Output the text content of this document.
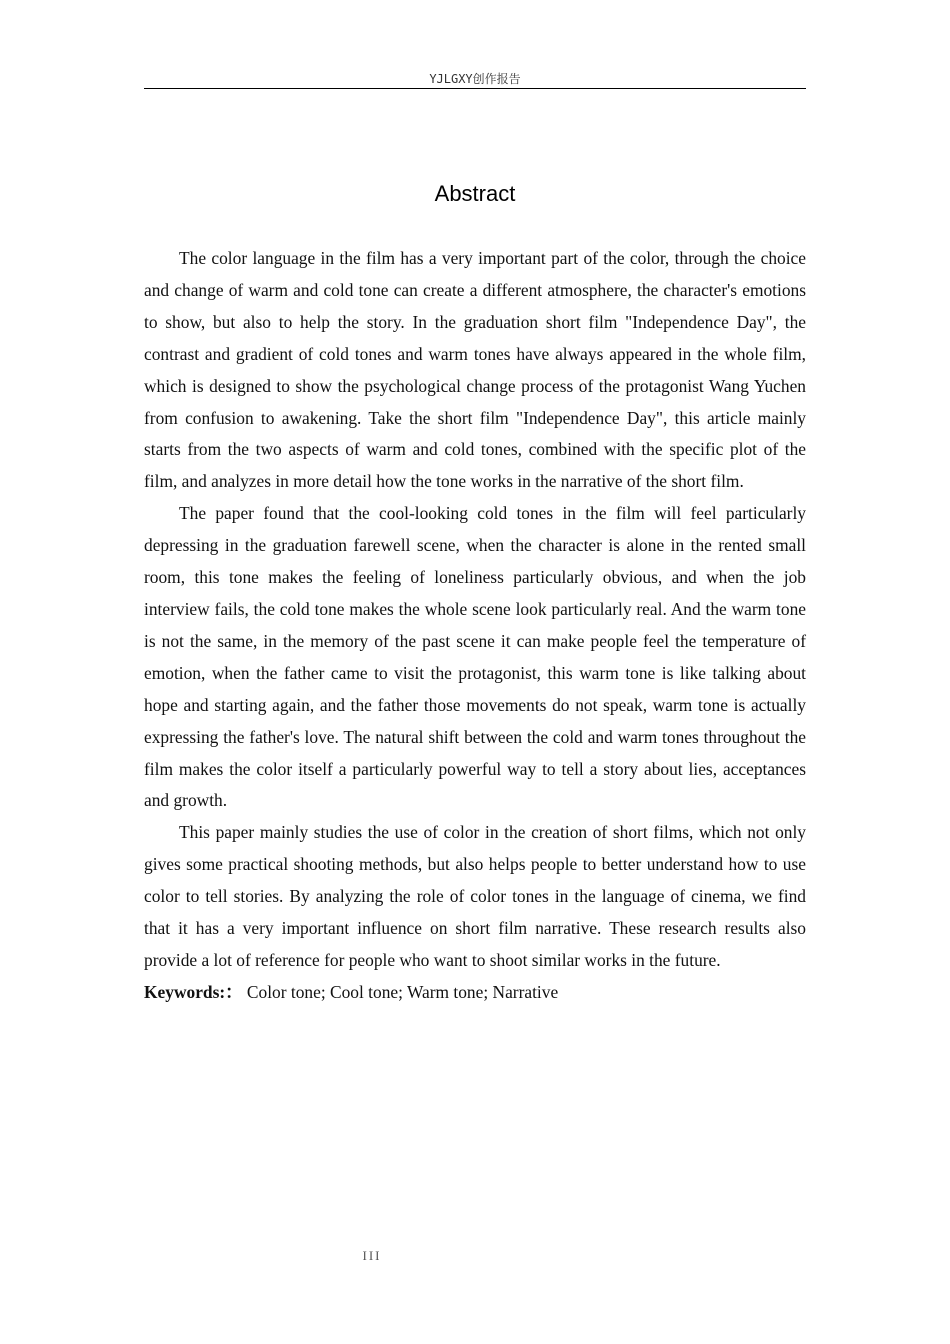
YJLGXY创作报告
Abstract

The color language in the film has a very important part of the color, through the choice and change of warm and cold tone can create a different atmosphere, the character's emotions to show, but also to help the story. In the graduation short film "Independence Day", the contrast and gradient of cold tones and warm tones have always appeared in the whole film, which is designed to show the psychological change process of the protagonist Wang Yuchen from confusion to awakening. Take the short film "Independence Day", this article mainly starts from the two aspects of warm and cold tones, combined with the specific plot of the film, and analyzes in more detail how the tone works in the narrative of the short film.

The paper found that the cool-looking cold tones in the film will feel particularly depressing in the graduation farewell scene, when the character is alone in the rented small room, this tone makes the feeling of loneliness particularly obvious, and when the job interview fails, the cold tone makes the whole scene look particularly real. And the warm tone is not the same, in the memory of the past scene it can make people feel the temperature of emotion, when the father came to visit the protagonist, this warm tone is like talking about hope and starting again, and the father those movements do not speak, warm tone is actually expressing the father's love. The natural shift between the cold and warm tones throughout the film makes the color itself a particularly powerful way to tell a story about lies, acceptances and growth.

This paper mainly studies the use of color in the creation of short films, which not only gives some practical shooting methods, but also helps people to better understand how to use color to tell stories. By analyzing the role of color tones in the language of cinema, we find that it has a very important influence on short film narrative. These research results also provide a lot of reference for people who want to shoot similar works in the future.

Keywords:： Color tone; Cool tone; Warm tone; Narrative

III
